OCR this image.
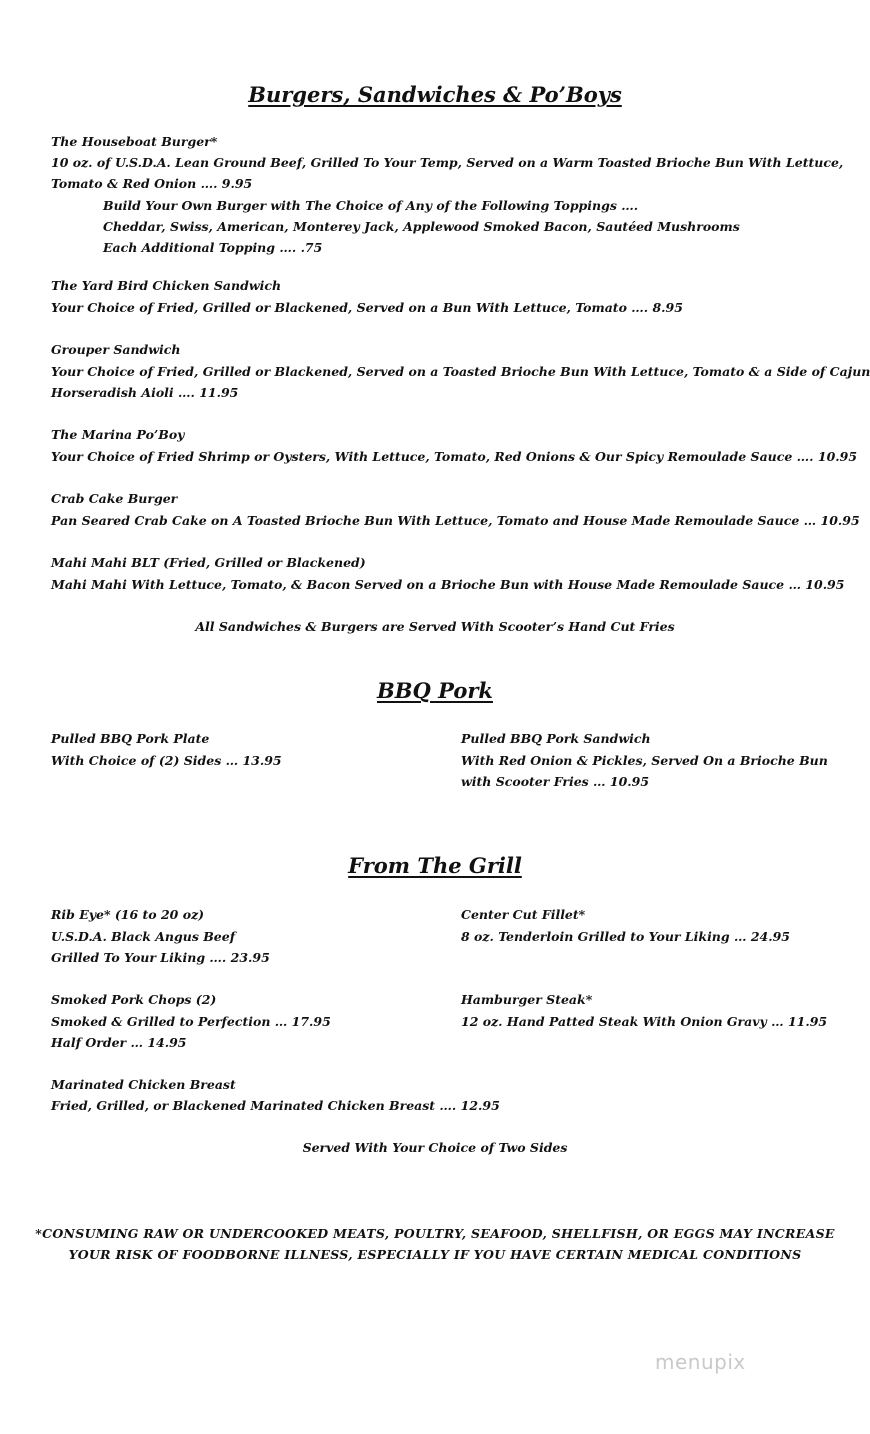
Burgers, Sandwiches & Po’Boys
The Houseboat Burger*
10 oz. of U.S.D.A. Lean Ground Beef, Grilled To Your Temp, Served on a Warm Toasted Brioche Bun With Lettuce,
Tomato & Red Onion …. 9.95
Build Your Own Burger with The Choice of Any of the Following Toppings ….
Cheddar, Swiss, American, Monterey Jack, Applewood Smoked Bacon, Sautéed Mushrooms
Each Additional Topping …. .75
The Yard Bird Chicken Sandwich
Your Choice of Fried, Grilled or Blackened, Served on a Bun With Lettuce, Tomato …. 8.95
Grouper Sandwich
Your Choice of Fried, Grilled or Blackened, Served on a Toasted Brioche Bun With Lettuce, Tomato & a Side of Cajun
Horseradish Aioli …. 11.95
The Marina Po’Boy
Your Choice of Fried Shrimp or Oysters, With Lettuce, Tomato, Red Onions & Our Spicy Remoulade Sauce …. 10.95
Crab Cake Burger
Pan Seared Crab Cake on A Toasted Brioche Bun With Lettuce, Tomato and House Made Remoulade Sauce … 10.95
Mahi Mahi BLT (Fried, Grilled or Blackened)
Mahi Mahi With Lettuce, Tomato, & Bacon Served on a Brioche Bun with House Made Remoulade Sauce … 10.95
All Sandwiches & Burgers are Served With Scooter’s Hand Cut Fries
BBQ Pork
Pulled BBQ Pork Plate
With Choice of (2) Sides … 13.95
Pulled BBQ Pork Sandwich
With Red Onion & Pickles, Served On a Brioche Bun
with Scooter Fries … 10.95
From The Grill
Rib Eye* (16 to 20 oz)
U.S.D.A. Black Angus Beef
Grilled To Your Liking …. 23.95
Center Cut Fillet*
8 oz. Tenderloin Grilled to Your Liking … 24.95
Smoked Pork Chops (2)
Smoked & Grilled to Perfection … 17.95
Half Order … 14.95
Hamburger Steak*
12 oz. Hand Patted Steak With Onion Gravy … 11.95
Marinated Chicken Breast
Fried, Grilled, or Blackened Marinated Chicken Breast …. 12.95
Served With Your Choice of Two Sides
*CONSUMING RAW OR UNDERCOOKED MEATS, POULTRY, SEAFOOD, SHELLFISH, OR EGGS MAY INCREASE
YOUR RISK OF FOODBORNE ILLNESS, ESPECIALLY IF YOU HAVE CERTAIN MEDICAL CONDITIONS
menupix
